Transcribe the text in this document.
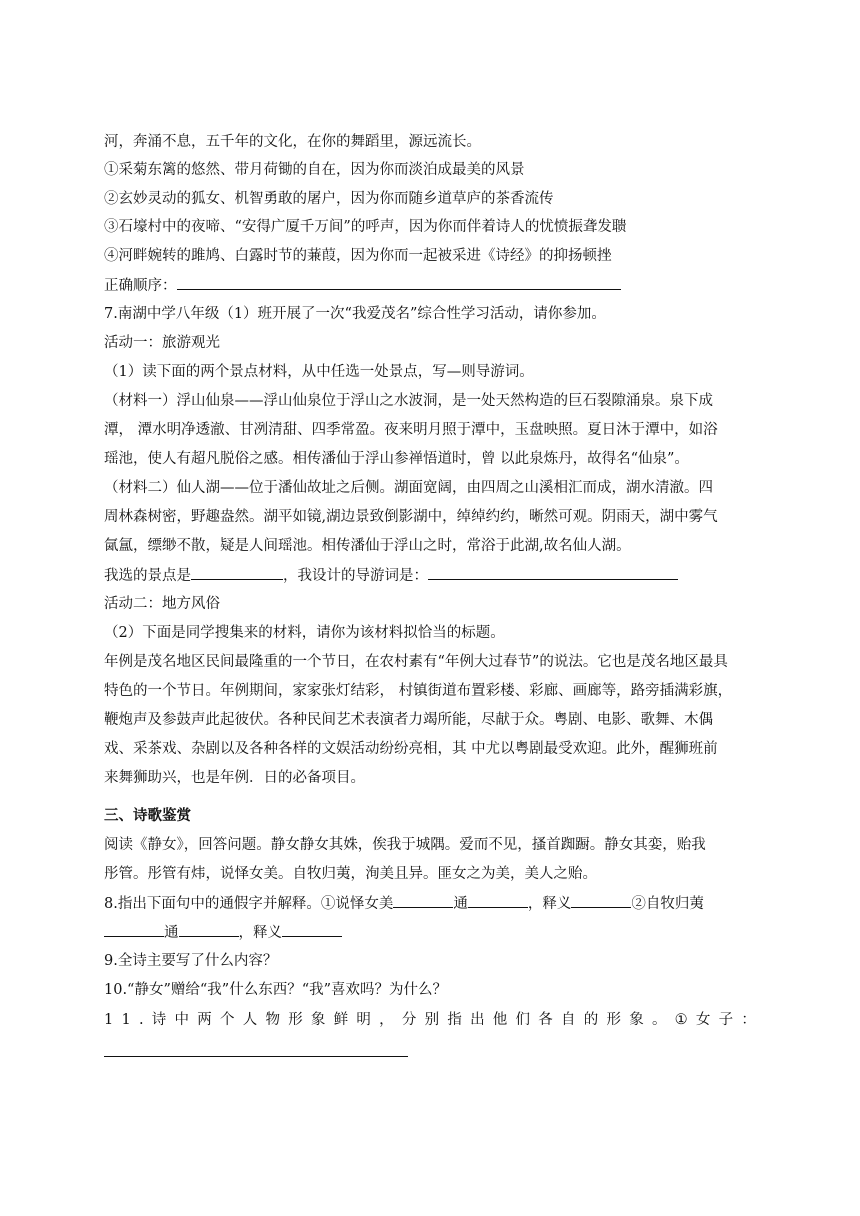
河，奔涌不息，五千年的文化，在你的舞蹈里，源远流长。
①采菊东篱的悠然、带月荷锄的自在，因为你而淡泊成最美的风景
②玄妙灵动的狐女、机智勇敢的屠户，因为你而随乡道草庐的茶香流传
③石壕村中的夜啼、“安得广厦千万间”的呼声，因为你而伴着诗人的忧愤振聋发聩
④河畔婉转的雎鸠、白露时节的蒹葭，因为你而一起被采进《诗经》的抑扬顿挫
正确顺序：
7.南湖中学八年级（1）班开展了一次“我爱茂名”综合性学习活动，请你参加。
活动一：旅游观光
（1）读下面的两个景点材料，从中任选一处景点，写—则导游词。
（材料一）浮山仙泉——浮山仙泉位于浮山之水波洞，是一处天然构造的巨石裂隙涌泉。泉下成
潭， 潭水明净透澈、甘冽清甜、四季常盈。夜来明月照于潭中，玉盘映照。夏日沐于潭中，如浴
瑶池，使人有超凡脱俗之感。相传潘仙于浮山参禅悟道时，曾 以此泉炼丹，故得名“仙泉”。
（材料二）仙人湖——位于潘仙故址之后侧。湖面宽阔，由四周之山溪相汇而成，湖水清澈。四
周林森树密，野趣盎然。湖平如镜,湖边景致倒影湖中，绰绰约约，晰然可观。阴雨天，湖中雾气
氤氲，缥缈不散，疑是人间瑶池。相传潘仙于浮山之时，常浴于此湖,故名仙人湖。
我选的景点是	，我设计的导游词是：
活动二：地方风俗
（2）下面是同学搜集来的材料，请你为该材料拟恰当的标题。
年例是茂名地区民间最隆重的一个节日，在农村素有“年例大过春节”的说法。它也是茂名地区最具
特色的一个节日。年例期间，家家张灯结彩， 村镇街道布置彩楼、彩廊、画廊等，路旁插满彩旗，
鞭炮声及参鼓声此起彼伏。各种民间艺术表演者力竭所能，尽献于众。粤剧、电影、歌舞、木偶
戏、采茶戏、杂剧以及各种各样的文娱活动纷纷亮相，其 中尤以粤剧最受欢迎。此外，醒狮班前
来舞狮助兴，也是年例．日的必备项目。
三、诗歌鉴赏
阅读《静女》，回答问题。静女静女其姝，俟我于城隅。爱而不见，搔首踟蹰。静女其娈，贻我
彤管。彤管有炜，说怿女美。自牧归荑，洵美且异。匪女之为美，美人之贻。
8.指出下面句中的通假字并解释。①说怿女美	通	，释义	②自牧归荑
通	，释义
9.全诗主要写了什么内容？
10.“静女”赠给“我”什么东西？“我”喜欢吗？为什么？
1 1 . 诗 中 两 个 人 物 形 象 鲜 明 ， 分 别 指 出 他 们 各 自 的 形 象 。 ① 女 子 ：
